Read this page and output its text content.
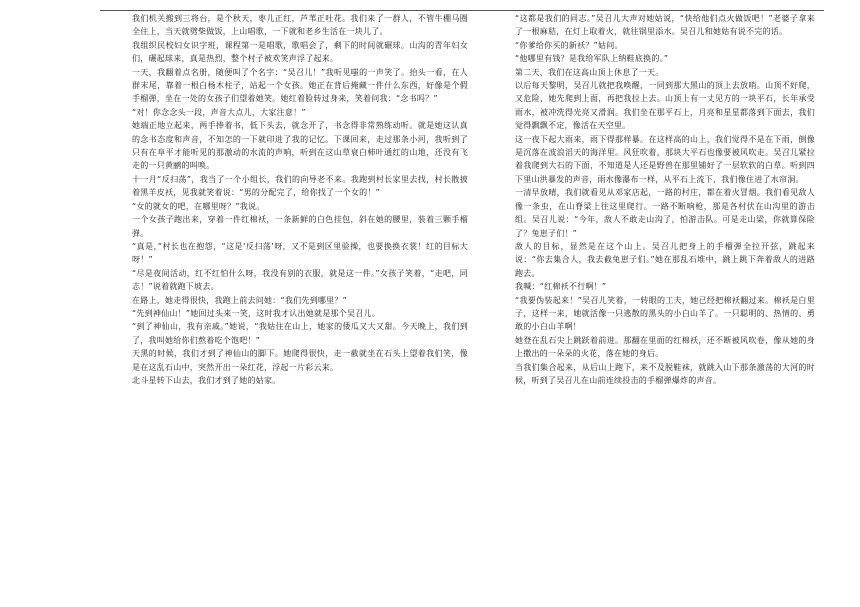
我们机关搬到三将台，是个秋天，枣儿正红，芦苇正吐花。我们来了一群人，不管牛棚马圈全住上，当天就劈柴做饭，上山唱歌，一下就和老乡生活在一块儿了。

我组织民校妇女识字班，课程第一是唱歌，歌唱会了，剩下的时间就碾球。山沟的青年妇女们，碾起球来，真是热烈，整个村子被欢笑声浮了起来。

一天，我翻着点名册，随便叫了个名字：“吴召儿！”我听见嗤的一声笑了。抬头一看，在人群末尾，靠着一根白杨木柱子，站起一个女孩。她正在背后掩藏一件什么东西，好像是个假手榴弹，坐在一处的女孩子们望着她笑。她红着脸转过身来，笑着问我：“念书吗？”

“对！你念念头一段，声音大点儿，大家注意！”

她端正地立起来，两手捧着书，低下头去，就念开了，书念得非常熟练动听。就是她这认真的念书态度和声音，不知怎的一下就印进了我的记忆。下课回来，走过那条小河，我听到了只有在阜平才能听见的那激动的水流的声响，听到在这山草衰白柿叶通红的山地，还没有飞走的一只黄鹂的叫唤。

十一月“反扫荡”，我当了一个小组长，我们的向导老不来。我跑到村长家里去找，村长散披着黑羊皮袄，见我就笑着说：“男的分配完了，给你找了一个女的！”

“女的就女的吧，在哪里呀？”我说。

一个女孩子跑出来，穿着一件红棉袄，一条新鲜的白色挂包，斜在她的腰里，装着三颗手榴弹。

“真是，”村长也在抱怨，“这是‘反扫荡’呀，又不是到区里验操，也要换换衣裳！红的目标大呀！”

“尽是夜间活动，红不红怕什么呀，我没有别的衣服，就是这一件。”女孩子笑着，“走吧，同志！”说着就跑下坡去。

在路上，她走得很快，我跑上前去问她：“我们先到哪里？”

“先到神仙山！”她回过头来一笑，这时我才认出她就是那个吴召儿。

“到了神仙山，我有亲戚。”她说，“我姑住在山上，她家的倭瓜又大又甜。今天晚上，我们到了，我叫她给你们熬着吃个饱吧！”

天黑的时候，我们才到了神仙山的脚下。她爬得很快，走一截就坐在石头上望着我们笑，像是在这乱石山中，突然开出一朵红花，浮起一片彩云来。

北斗星转下山去，我们才到了她的姑家。

“这都是我们的同志。”吴召儿大声对她姑说，“快给他们点火做饭吧！”老婆子拿来了一根麻秸，在灯上取着火，就往锅里添水。吴召儿和她姑有说不完的话。

“你爹给你买的新袄？”姑问。

“他哪里有钱？是我给军队上纳鞋底换的。”

第二天，我们在这高山顶上休息了一天。

以后每天黎明，吴召儿就把我唤醒，一同到那大黑山的顶上去放哨。山顶不好爬，又危险，她先爬到上面，再把我拉上去。山顶上有一丈见方的一块平石，长年承受雨水，被冲洗得光亮又滑润。我们坐在那平石上，月亮和星星都落到下面去，我们觉得飘飘不定，像活在天空里。

这一夜下起大雨来，雨下得那样暴。在这样高的山上，我们觉得不是在下雨，倒像是沉落在波浪滔天的海洋里。风狂吹着，那块大平石也像要被风吹走。吴召儿紧拉着我爬到大石的下面，不知道是人还是野兽在那里铺好了一层软软的白草。听到四下里山洪暴发的声音，雨水像瀑布一样，从平石上流下，我们像住进了水帘洞。

一清早放晴，我们就看见从邓家店起，一路的村庄，都在着火冒烟。我们看见敌人像一条虫，在山脊梁上往这里爬行。一路不断响枪，那是各村伏在山沟里的游击组。吴召儿说：“今年，敌人不敢走山沟了，怕游击队。可是走山梁，你就算保险了？兔崽子们！”

敌人的目标，显然是在这个山上。吴召儿把身上的手榴弹全拉开弦，跳起来说：“你去集合人，我去截兔崽子们。”她在那乱石堆中，跳上跳下奔着敌人的进路跑去。

我喊：“红棉袄不行啊！”

“我要伪装起来！”吴召儿笑着，一转眼的工夫，她已经把棉袄翻过来。棉袄是白里子，这样一来，她就活像一只逃散的黑头的小白山羊了。一只聪明的、热情的、勇敢的小白山羊啊！

她登在乱石尖上跳跃着前进。那翻在里面的红棉袄，还不断被风吹卷，像从她的身上撒出的一朵朵的火花，落在她的身后。

当我们集合起来，从后山上跑下，来不及脱鞋袜，就跳入山下那条激荡的大河的时候，听到了吴召儿在山前连续投击的手榴弹爆炸的声音。
